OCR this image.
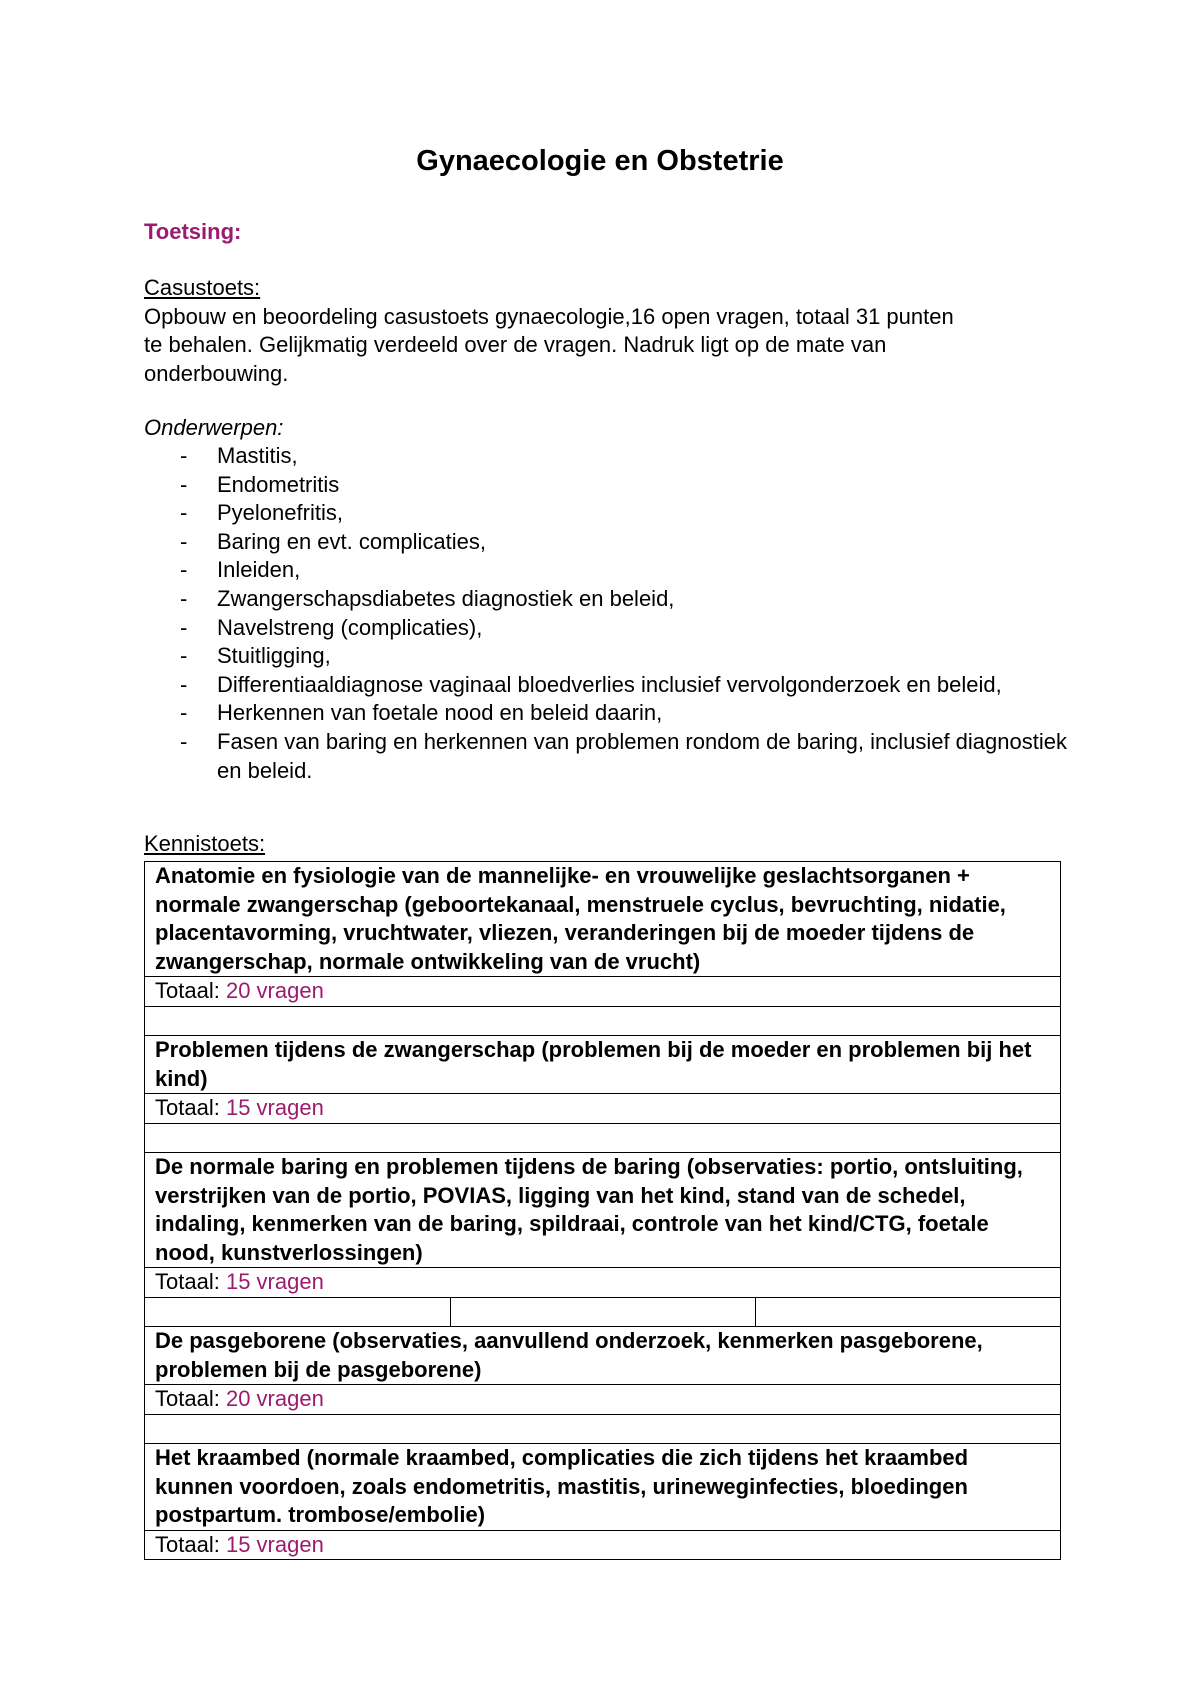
Gynaecologie en Obstetrie
Toetsing:
Casustoets:
Opbouw en beoordeling casustoets gynaecologie,16 open vragen, totaal 31 punten
te behalen. Gelijkmatig verdeeld over de vragen. Nadruk ligt op de mate van
onderbouwing.
Onderwerpen:
- Mastitis,
- Endometritis
- Pyelonefritis,
- Baring en evt. complicaties,
- Inleiden,
- Zwangerschapsdiabetes diagnostiek en beleid,
- Navelstreng (complicaties),
- Stuitligging,
- Differentiaaldiagnose vaginaal bloedverlies inclusief vervolgonderzoek en beleid,
- Herkennen van foetale nood en beleid daarin,
- Fasen van baring en herkennen van problemen rondom de baring, inclusief diagnostiek en beleid.
Kennistoets:
Anatomie en fysiologie van de mannelijke- en vrouwelijke geslachtsorganen + normale zwangerschap (geboortekanaal, menstruele cyclus, bevruchting, nidatie, placentavorming, vruchtwater, vliezen, veranderingen bij de moeder tijdens de zwangerschap, normale ontwikkeling van de vrucht)
Totaal: 20 vragen

Problemen tijdens de zwangerschap (problemen bij de moeder en problemen bij het kind)
Totaal: 15 vragen

De normale baring en problemen tijdens de baring (observaties: portio, ontsluiting, verstrijken van de portio, POVIAS, ligging van het kind, stand van de schedel, indaling, kenmerken van de baring, spildraai, controle van het kind/CTG, foetale nood, kunstverlossingen)
Totaal: 15 vragen

De pasgeborene (observaties, aanvullend onderzoek, kenmerken pasgeborene, problemen bij de pasgeborene)
Totaal: 20 vragen

Het kraambed (normale kraambed, complicaties die zich tijdens het kraambed kunnen voordoen, zoals endometritis, mastitis, urineweginfecties, bloedingen postpartum. trombose/embolie)
Totaal: 15 vragen
